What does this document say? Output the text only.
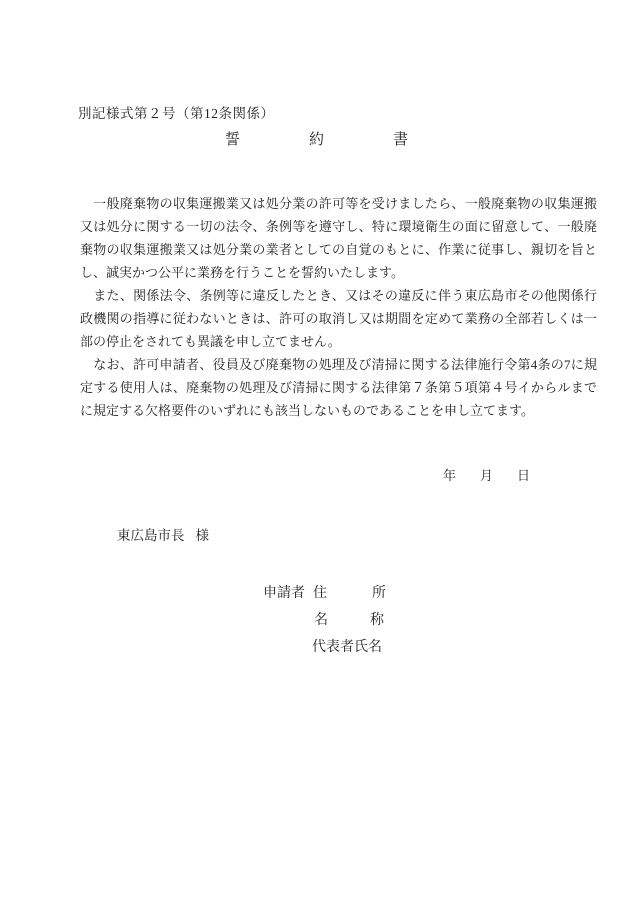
別記様式第２号（第12条関係）
誓	約	書
　一般廃棄物の収集運搬業又は処分業の許可等を受けましたら、一般廃棄物の収集運搬
又は処分に関する一切の法令、条例等を遵守し、特に環境衛生の面に留意して、一般廃
棄物の収集運搬業又は処分業の業者としての自覚のもとに、作業に従事し、親切を旨と
し、誠実かつ公平に業務を行うことを誓約いたします。
　また、関係法令、条例等に違反したとき、又はその違反に伴う東広島市その他関係行
政機関の指導に従わないときは、許可の取消し又は期間を定めて業務の全部若しくは一
部の停止をされても異議を申し立てません。
　なお、許可申請者、役員及び廃棄物の処理及び清掃に関する法律施行令第4条の7に規
定する使用人は、廃棄物の処理及び清掃に関する法律第７条第５項第４号イからルまで
に規定する欠格要件のいずれにも該当しないものであることを申し立てます。
年 月 日
東広島市長 様
申請者 住	所
名	称
代表者氏名
